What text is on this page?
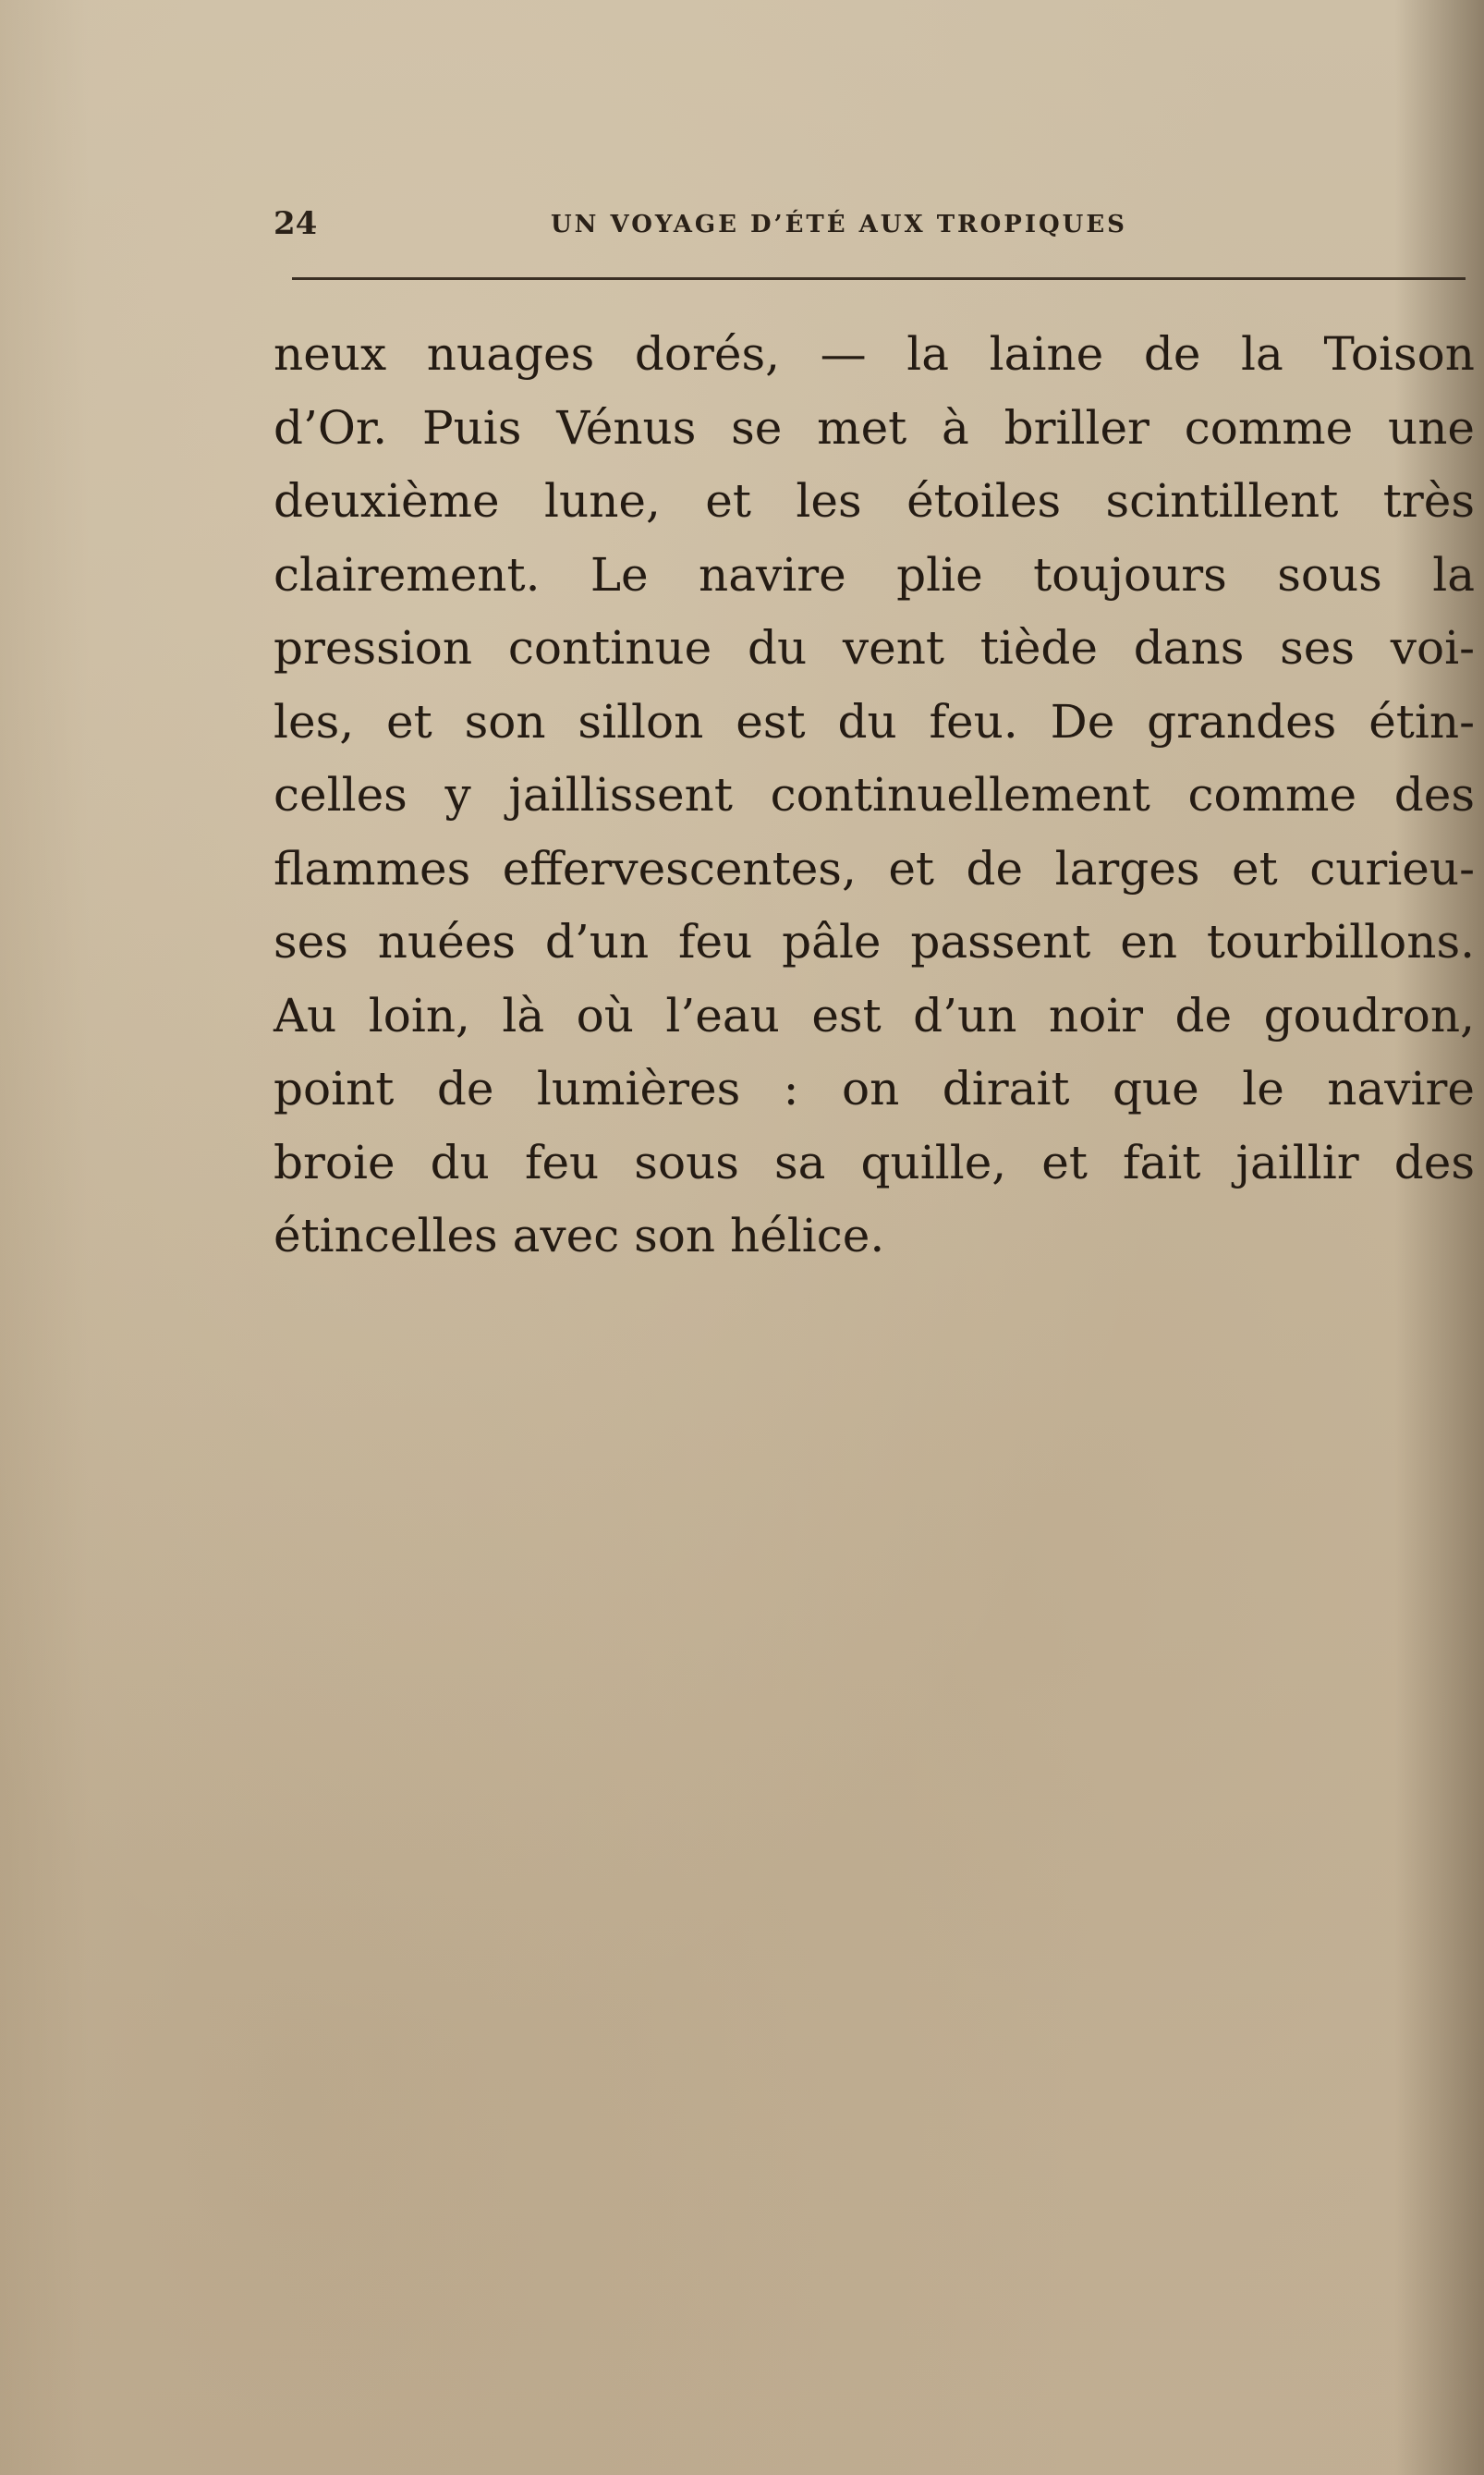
24	UN VOYAGE D’ÉTÉ AUX TROPIQUES
neux nuages dorés, — la laine de la Toison
d’Or. Puis Vénus se met à briller comme une
deuxième lune, et les étoiles scintillent très
clairement. Le navire plie toujours sous la
pression continue du vent tiède dans ses voi-
les, et son sillon est du feu. De grandes étin-
celles y jaillissent continuellement comme des
flammes effervescentes, et de larges et curieu-
ses nuées d’un feu pâle passent en tourbillons.
Au loin, là où l’eau est d’un noir de goudron,
point de lumières : on dirait que le navire
broie du feu sous sa quille, et fait jaillir des
étincelles avec son hélice.
